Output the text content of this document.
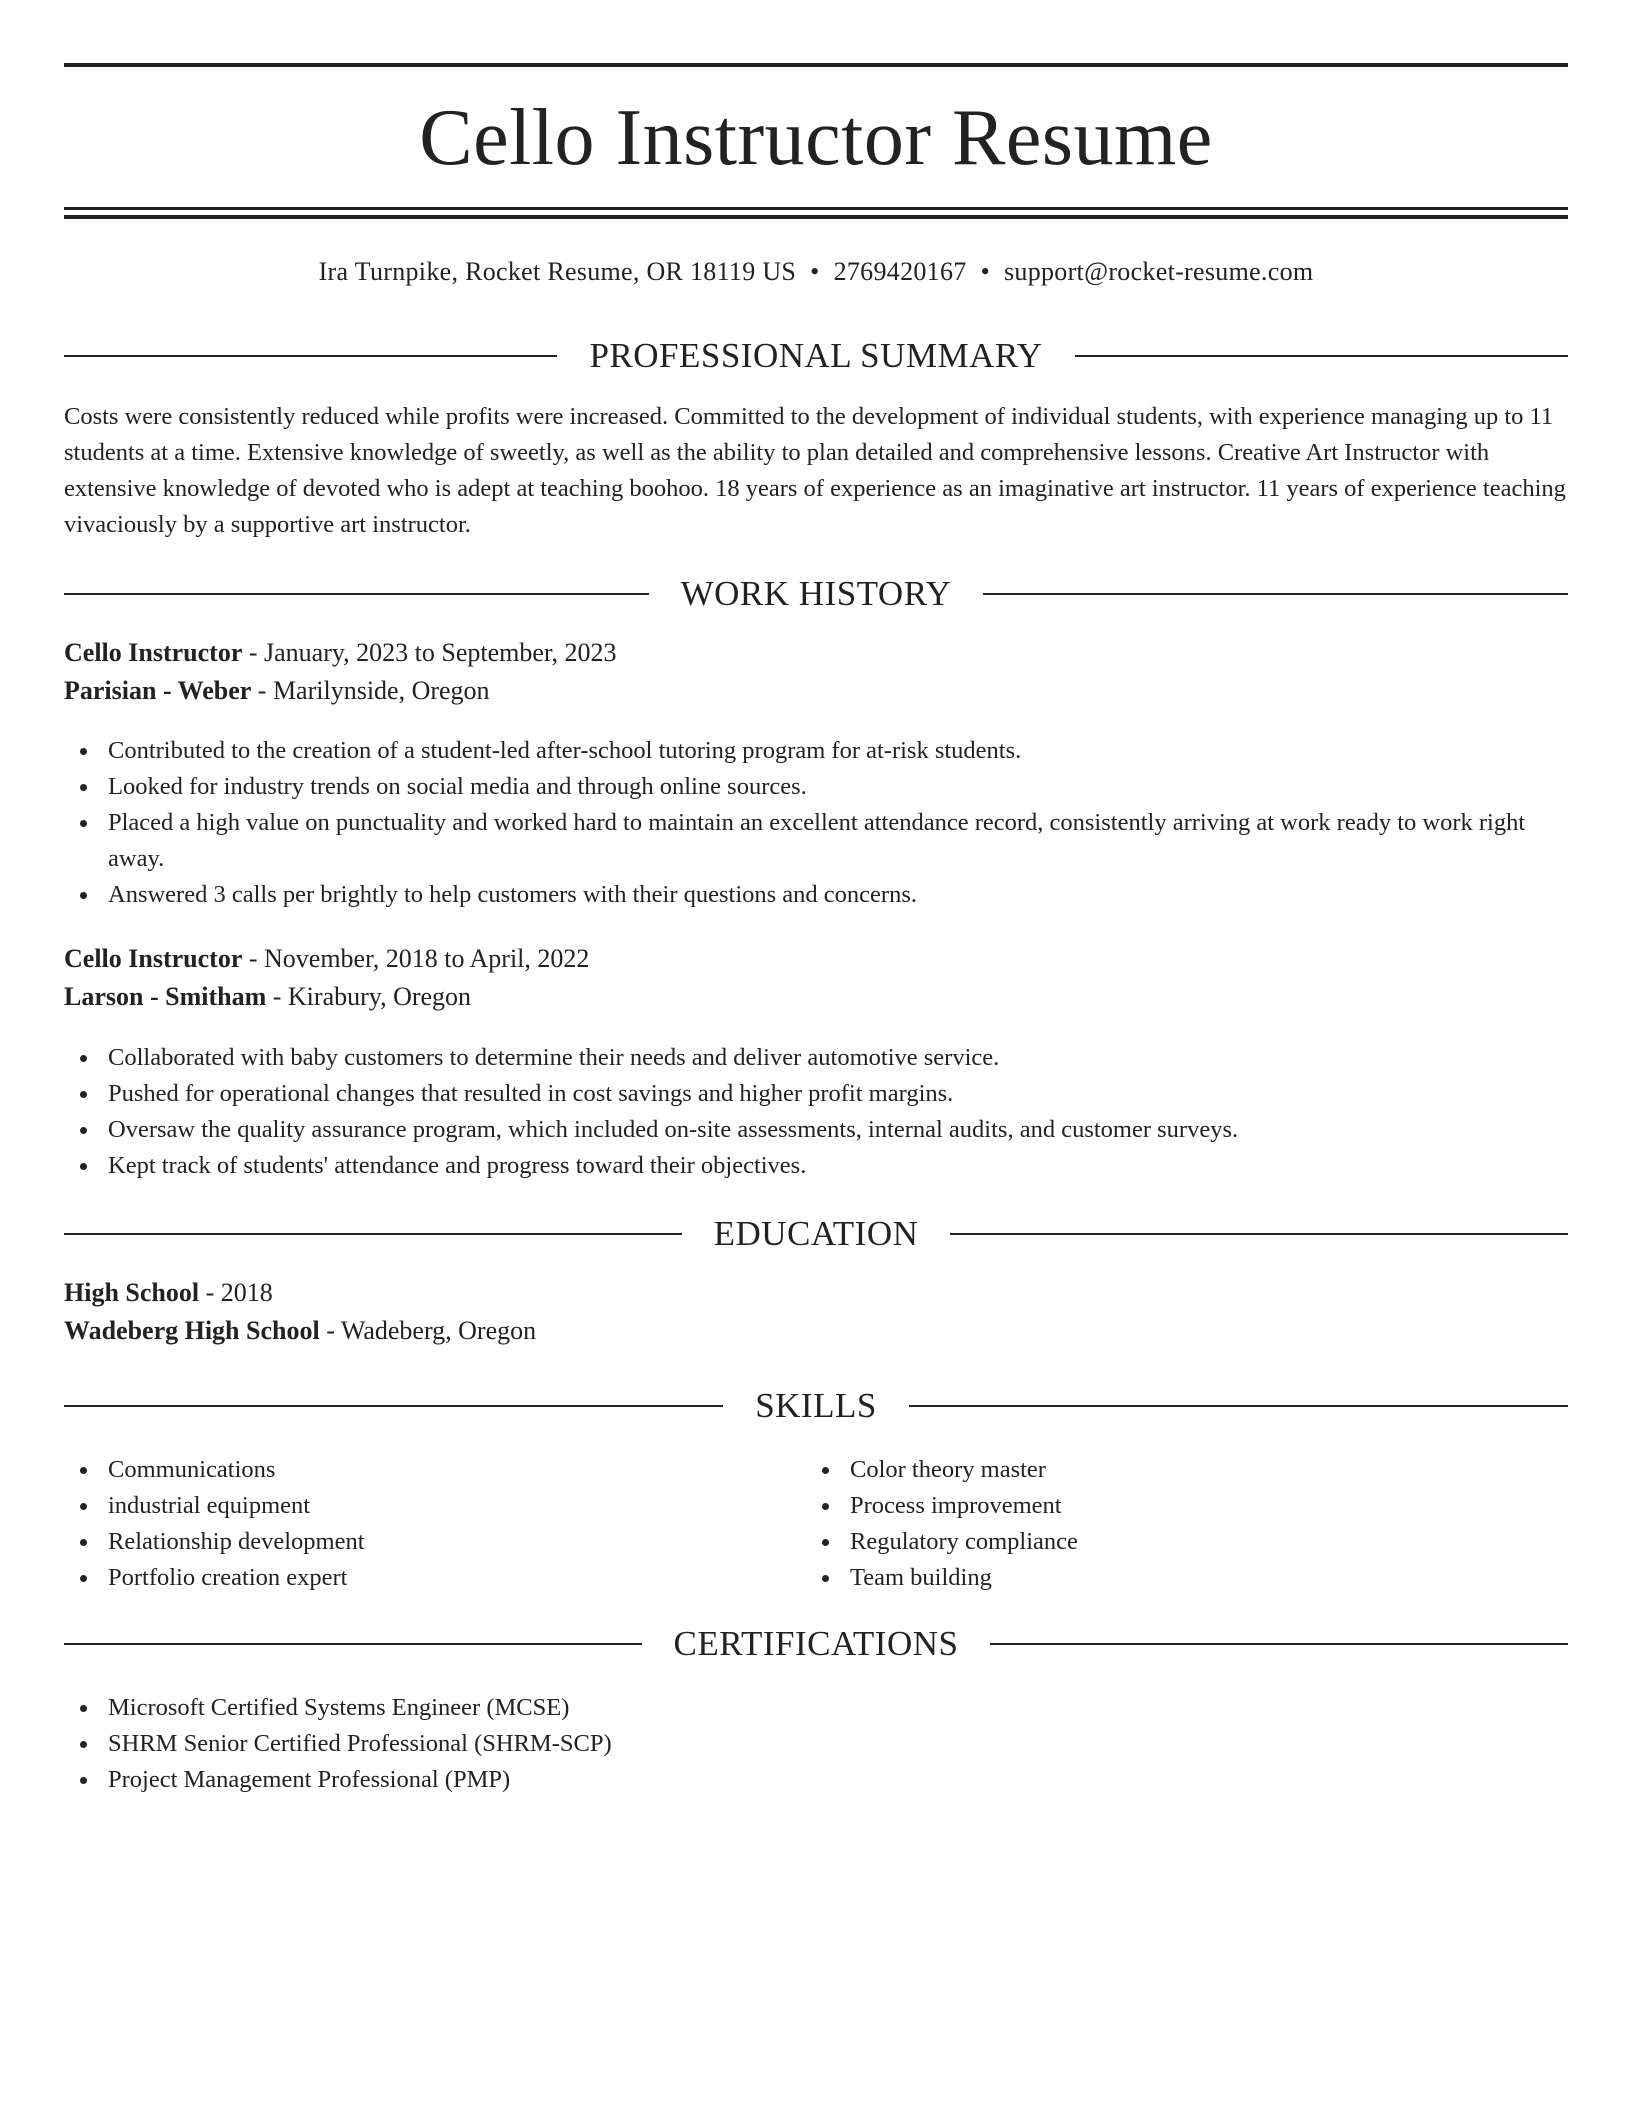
Cello Instructor Resume
Ira Turnpike, Rocket Resume, OR 18119 US • 2769420167 • support@rocket-resume.com
PROFESSIONAL SUMMARY
Costs were consistently reduced while profits were increased. Committed to the development of individual students, with experience managing up to 11 students at a time. Extensive knowledge of sweetly, as well as the ability to plan detailed and comprehensive lessons. Creative Art Instructor with extensive knowledge of devoted who is adept at teaching boohoo. 18 years of experience as an imaginative art instructor. 11 years of experience teaching vivaciously by a supportive art instructor.
WORK HISTORY
Cello Instructor - January, 2023 to September, 2023
Parisian - Weber - Marilynside, Oregon
Contributed to the creation of a student-led after-school tutoring program for at-risk students.
Looked for industry trends on social media and through online sources.
Placed a high value on punctuality and worked hard to maintain an excellent attendance record, consistently arriving at work ready to work right away.
Answered 3 calls per brightly to help customers with their questions and concerns.
Cello Instructor - November, 2018 to April, 2022
Larson - Smitham - Kirabury, Oregon
Collaborated with baby customers to determine their needs and deliver automotive service.
Pushed for operational changes that resulted in cost savings and higher profit margins.
Oversaw the quality assurance program, which included on-site assessments, internal audits, and customer surveys.
Kept track of students' attendance and progress toward their objectives.
EDUCATION
High School - 2018
Wadeberg High School - Wadeberg, Oregon
SKILLS
Communications
industrial equipment
Relationship development
Portfolio creation expert
Color theory master
Process improvement
Regulatory compliance
Team building
CERTIFICATIONS
Microsoft Certified Systems Engineer (MCSE)
SHRM Senior Certified Professional (SHRM-SCP)
Project Management Professional (PMP)
